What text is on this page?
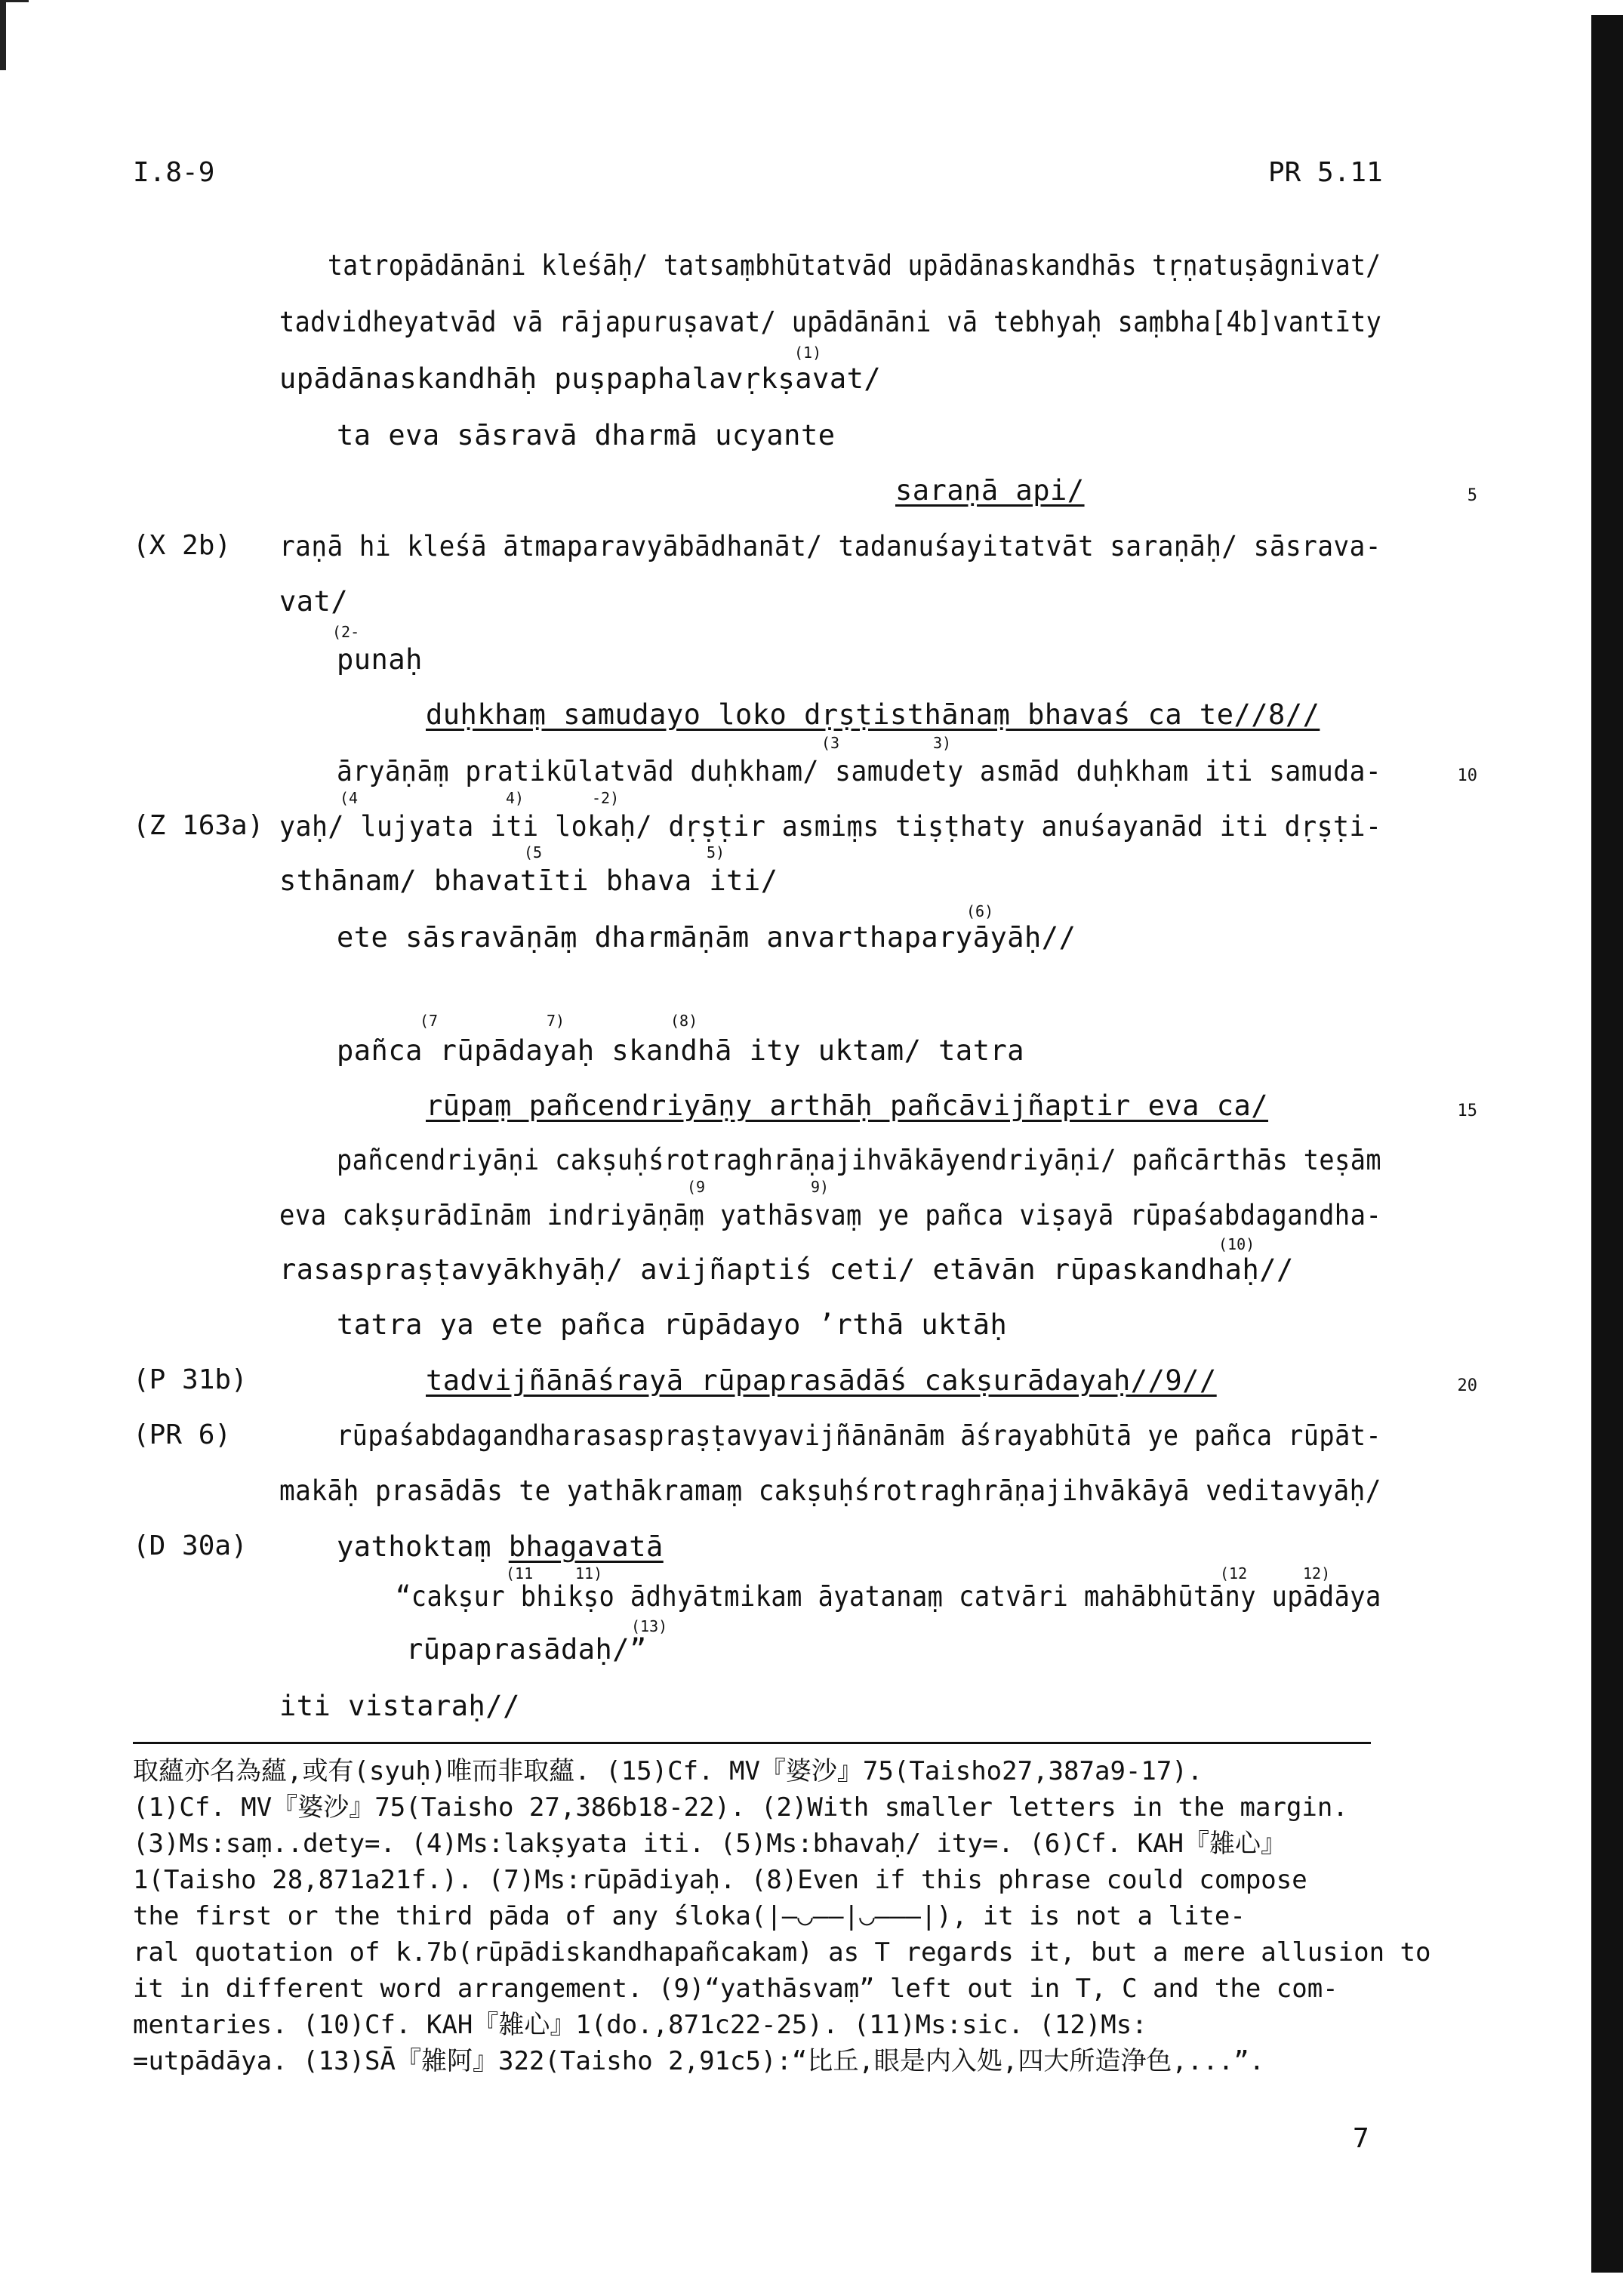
I.8-9	PR 5.11
tatropādānāni kleśāḥ/ tatsaṃbhūtatvād upādānaskandhās tṛṇatuṣāgnivat/
tadvidheyatvād vā rājapuruṣavat/ upādānāni vā tebhyaḥ saṃbha[4b]vantīty
upādānaskandhāḥ puṣpaphalavṛkṣavat/
ta eva sāsravā dharmā ucyante
saraṇā api/
raṇā hi kleśā ātmaparavyābādhanāt/ tadanuśayitatvāt saraṇāḥ/ sāsrava-
vat/
punaḥ
duḥkhaṃ samudayo loko dṛṣṭisthānaṃ bhavaś ca te//8//
āryāṇāṃ pratikūlatvād duḥkham/ samudety asmād duḥkham iti samuda-
yaḥ/ lujyata iti lokaḥ/ dṛṣṭir asmiṃs tiṣṭhaty anuśayanād iti dṛṣṭi-
sthānam/ bhavatīti bhava iti/
ete sāsravāṇāṃ dharmāṇām anvarthaparyāyāḥ//
pañca rūpādayaḥ skandhā ity uktam/ tatra
rūpaṃ pañcendriyāṇy arthāḥ pañcāvijñaptir eva ca/
pañcendriyāṇi cakṣuḥśrotraghrāṇajihvākāyendriyāṇi/ pañcārthās teṣām
eva cakṣurādīnām indriyāṇāṃ yathāsvaṃ ye pañca viṣayā rūpaśabdagandha-
rasaspraṣṭavyākhyāḥ/ avijñaptiś ceti/ etāvān rūpaskandhaḥ//
tatra ya ete pañca rūpādayo ’rthā uktāḥ
tadvijñānāśrayā rūpaprasādāś cakṣurādayaḥ//9//
rūpaśabdagandharasaspraṣṭavyavijñānānām āśrayabhūtā ye pañca rūpāt-
makāḥ prasādās te yathākramaṃ cakṣuḥśrotraghrāṇajihvākāyā veditavyāḥ/
yathoktaṃ bhagavatā
“cakṣur bhikṣo ādhyātmikam āyatanaṃ catvāri mahābhūtāny upādāya
rūpaprasādaḥ/”
iti vistaraḥ//
(1)
(2-
(3	3)
(4	4)	-2)
(5	5)
(6)
(7	7)	(8)
(9	9)
(10)
(11	11)	(12	12)
(13)
5
10
15
20
(X 2b)
(Z 163a)
(P 31b)
(PR 6)
(D 30a)
取蘊亦名為蘊,或有(syuḥ)唯而非取蘊. (15)Cf. MV『婆沙』75(Taisho27,387a9-17).
(1)Cf. MV『婆沙』75(Taisho 27,386b18-22). (2)With smaller letters in the margin.
(3)Ms:saṃ..dety=. (4)Ms:lakṣyata iti. (5)Ms:bhavaḥ/ ity=. (6)Cf. KAH『雑心』
1(Taisho 28,871a21f.). (7)Ms:rūpādiyaḥ. (8)Even if this phrase could compose
the first or the third pāda of any śloka(|—◡——|◡———|), it is not a lite-
ral quotation of k.7b(rūpādiskandhapañcakam) as T regards it, but a mere allusion to
it in different word arrangement. (9)“yathāsvaṃ” left out in T, C and the com-
mentaries. (10)Cf. KAH『雑心』1(do.,871c22-25). (11)Ms:sic. (12)Ms:
=utpādāya. (13)SĀ『雑阿』322(Taisho 2,91c5):“比丘,眼是内入処,四大所造浄色,...”.
7
